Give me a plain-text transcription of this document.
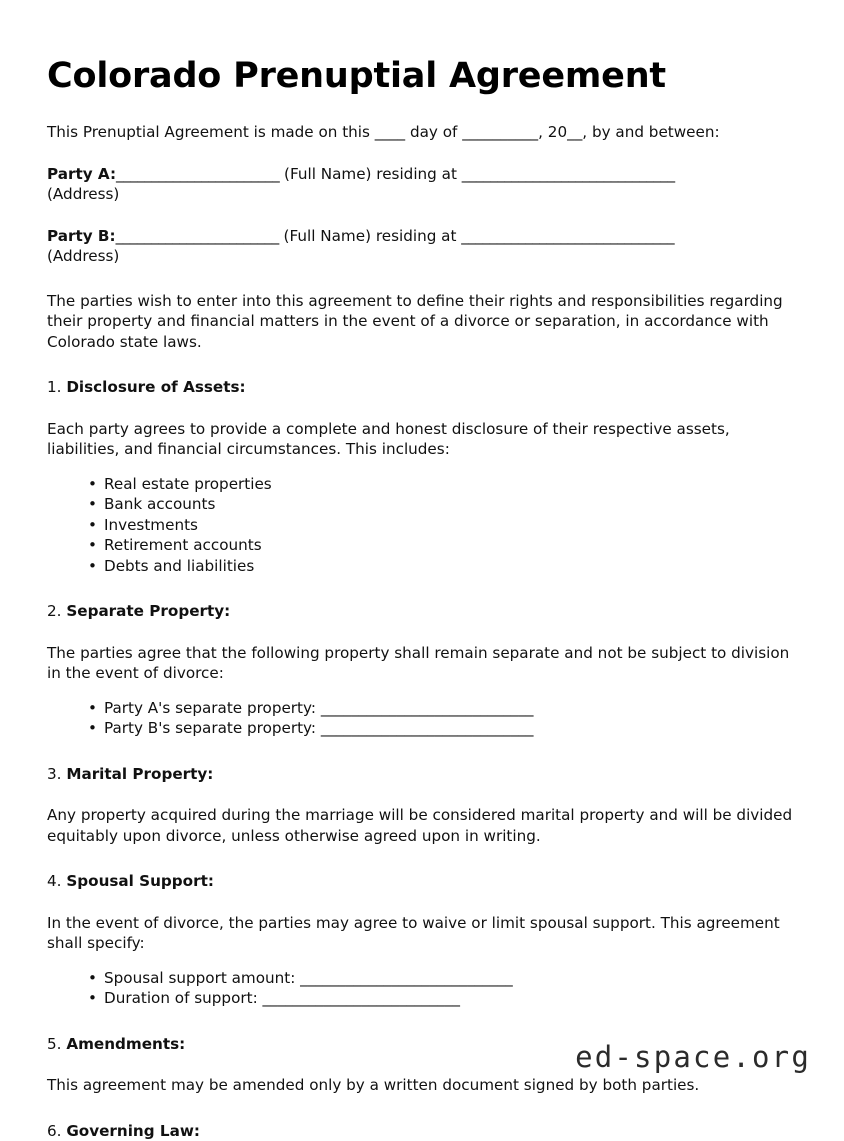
Colorado Prenuptial Agreement

This Prenuptial Agreement is made on this ____ day of __________, 20__, by and between:

Party A:_______________________ (Full Name) residing at ______________________________
(Address)
Party B:_______________________ (Full Name) residing at ______________________________
(Address)

The parties wish to enter into this agreement to define their rights and responsibilities regarding their property and financial matters in the event of a divorce or separation, in accordance with Colorado state laws.

1. Disclosure of Assets:

Each party agrees to provide a complete and honest disclosure of their respective assets, liabilities, and financial circumstances. This includes:

• Real estate properties
• Bank accounts
• Investments
• Retirement accounts
• Debts and liabilities
2. Separate Property:

The parties agree that the following property shall remain separate and not be subject to division in the event of divorce:

• Party A's separate property: ____________________________
• Party B's separate property: ____________________________
3. Marital Property:

Any property acquired during the marriage will be considered marital property and will be divided equitably upon divorce, unless otherwise agreed upon in writing.

4. Spousal Support:

In the event of divorce, the parties may agree to waive or limit spousal support. This agreement shall specify:

• Spousal support amount: ____________________________
• Duration of support: __________________________
5. Amendments:

This agreement may be amended only by a written document signed by both parties.

6. Governing Law:
ed-space.org
